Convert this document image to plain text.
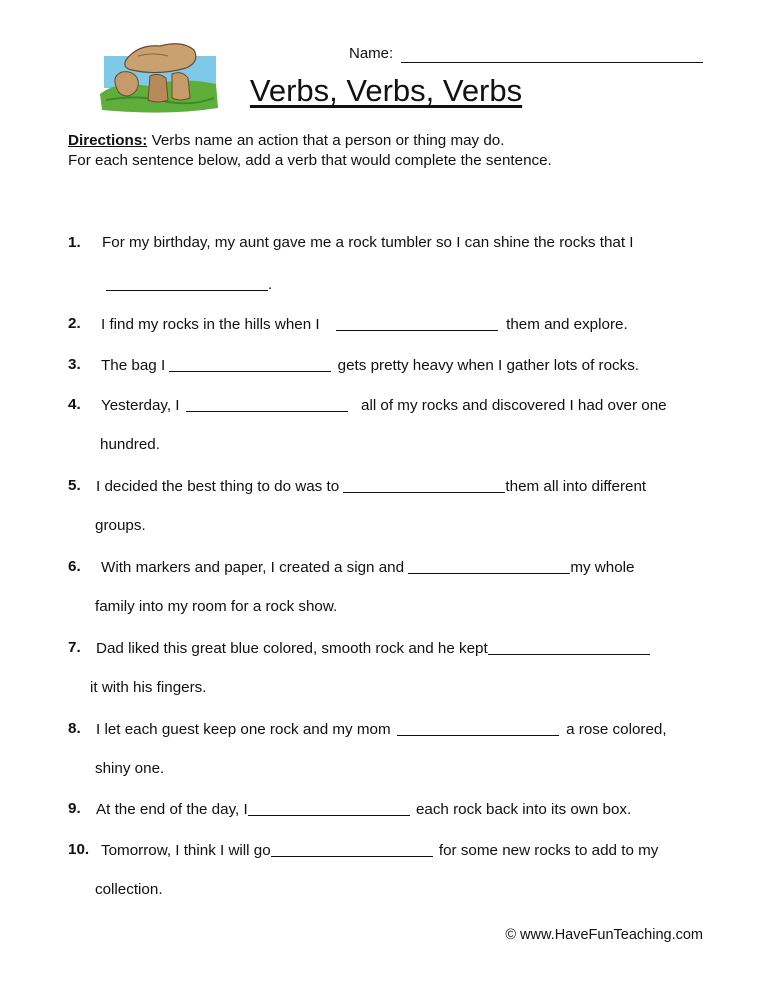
Name:
Verbs, Verbs, Verbs
Directions: Verbs name an action that a person or thing may do.
For each sentence below, add a verb that would complete the sentence.
1. For my birthday, my aunt gave me a rock tumbler so I can shine the rocks that I
.
2. I find my rocks in the hills when I	them and explore.
3. The bag I	gets pretty heavy when I gather lots of rocks.
4. Yesterday, I	all of my rocks and discovered I had over one
hundred.
5. I decided the best thing to do was to	them all into different
groups.
6. With markers and paper, I created a sign and	my whole
family into my room for a rock show.
7. Dad liked this great blue colored, smooth rock and he kept
it with his fingers.
8. I let each guest keep one rock and my mom	a rose colored,
shiny one.
9. At the end of the day, I	each rock back into its own box.
10. Tomorrow, I think I will go	for some new rocks to add to my
collection.
© www.HaveFunTeaching.com
